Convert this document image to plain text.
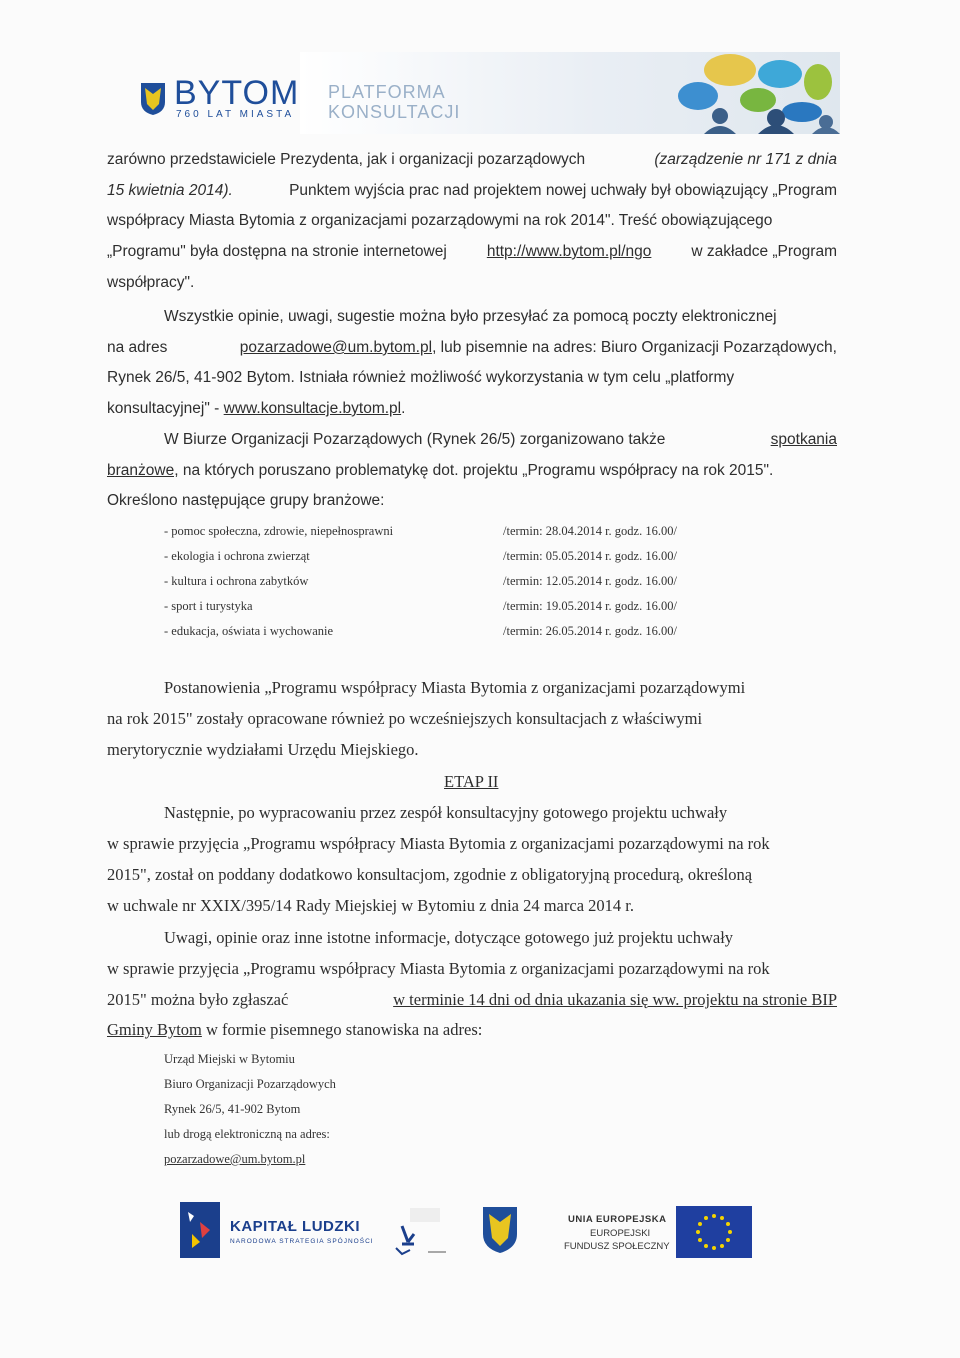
BYTOM
760 LAT MIASTA
PLATFORMA
KONSULTACJI
zarówno przedstawiciele Prezydenta, jak i organizacji pozarządowych	(zarządzenie nr 171 z dnia
15 kwietnia 2014).	Punktem wyjścia prac nad projektem nowej uchwały był obowiązujący „Program
współpracy Miasta Bytomia z organizacjami pozarządowymi na rok 2014". Treść obowiązującego
„Programu" była dostępna na stronie internetowej	http://www.bytom.pl/ngo	w zakładce „Program
współpracy".
Wszystkie opinie, uwagi, sugestie można było przesyłać za pomocą poczty elektronicznej
na adres	pozarzadowe@um.bytom.pl, lub pisemnie na adres: Biuro Organizacji Pozarządowych,
Rynek 26/5, 41-902 Bytom. Istniała również możliwość wykorzystania w tym celu „platformy
konsultacyjnej" - www.konsultacje.bytom.pl.
W Biurze Organizacji Pozarządowych (Rynek 26/5) zorganizowano także	spotkania
branżowe, na których poruszano problematykę dot. projektu „Programu współpracy na rok 2015".
Określono następujące grupy branżowe:
- pomoc społeczna, zdrowie, niepełnosprawni	/termin: 28.04.2014 r. godz. 16.00/
- ekologia i ochrona zwierząt	/termin: 05.05.2014 r. godz. 16.00/
- kultura i ochrona zabytków	/termin: 12.05.2014 r. godz. 16.00/
- sport i turystyka	/termin: 19.05.2014 r. godz. 16.00/
- edukacja, oświata i wychowanie	/termin: 26.05.2014 r. godz. 16.00/
Postanowienia „Programu współpracy Miasta Bytomia z organizacjami pozarządowymi
na rok 2015" zostały opracowane również po wcześniejszych konsultacjach z właściwymi
merytorycznie wydziałami Urzędu Miejskiego.
ETAP II
Następnie, po wypracowaniu przez zespół konsultacyjny gotowego projektu uchwały
w sprawie przyjęcia „Programu współpracy Miasta Bytomia z organizacjami pozarządowymi na rok
2015", został on poddany dodatkowo konsultacjom, zgodnie z obligatoryjną procedurą, określoną
w uchwale nr XXIX/395/14 Rady Miejskiej w Bytomiu z dnia 24 marca 2014 r.
Uwagi, opinie oraz inne istotne informacje, dotyczące gotowego już projektu uchwały
w sprawie przyjęcia „Programu współpracy Miasta Bytomia z organizacjami pozarządowymi na rok
2015" można było zgłaszać	w terminie 14 dni od dnia ukazania się ww. projektu na stronie BIP
Gminy Bytom w formie pisemnego stanowiska na adres:
Urząd Miejski w Bytomiu
Biuro Organizacji Pozarządowych
Rynek 26/5, 41-902 Bytom
lub drogą elektroniczną na adres:
pozarzadowe@um.bytom.pl
KAPITAŁ LUDZKI
NARODOWA STRATEGIA SPÓJNOŚCI
UNIA EUROPEJSKA
EUROPEJSKI
FUNDUSZ SPOŁECZNY
